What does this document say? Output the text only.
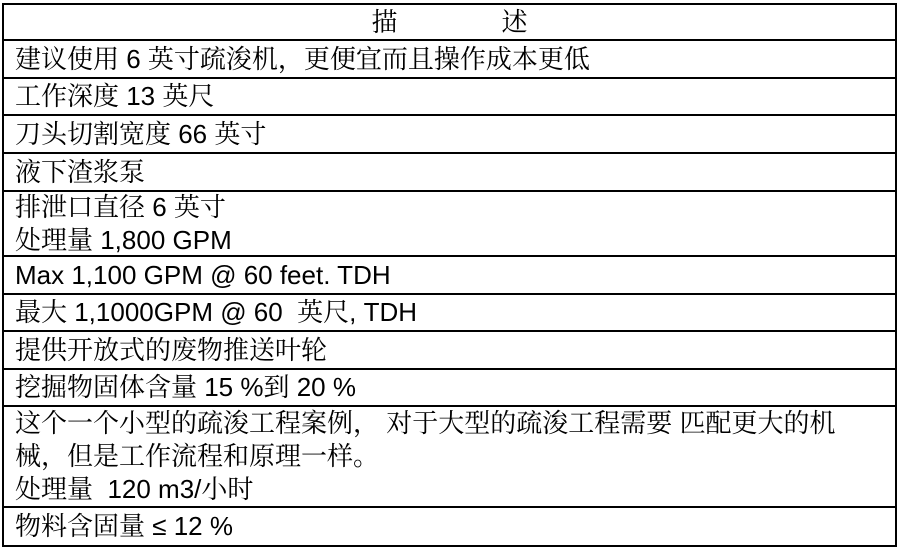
描　　　　述
建议使用 6 英寸疏浚机，更便宜而且操作成本更低
工作深度 13 英尺
刀头切割宽度 66 英寸
液下渣浆泵
排泄口直径 6 英寸
处理量 1,800 GPM
Max 1,100 GPM @ 60 feet. TDH
最大 1,1000GPM @ 60  英尺, TDH
提供开放式的废物推送叶轮
挖掘物固体含量 15 %到 20 %
这个一个小型的疏浚工程案例， 对于大型的疏浚工程需要 匹配更大的机械，但是工作流程和原理一样。
处理量  120 m3/小时
物料含固量 ≤ 12 %
